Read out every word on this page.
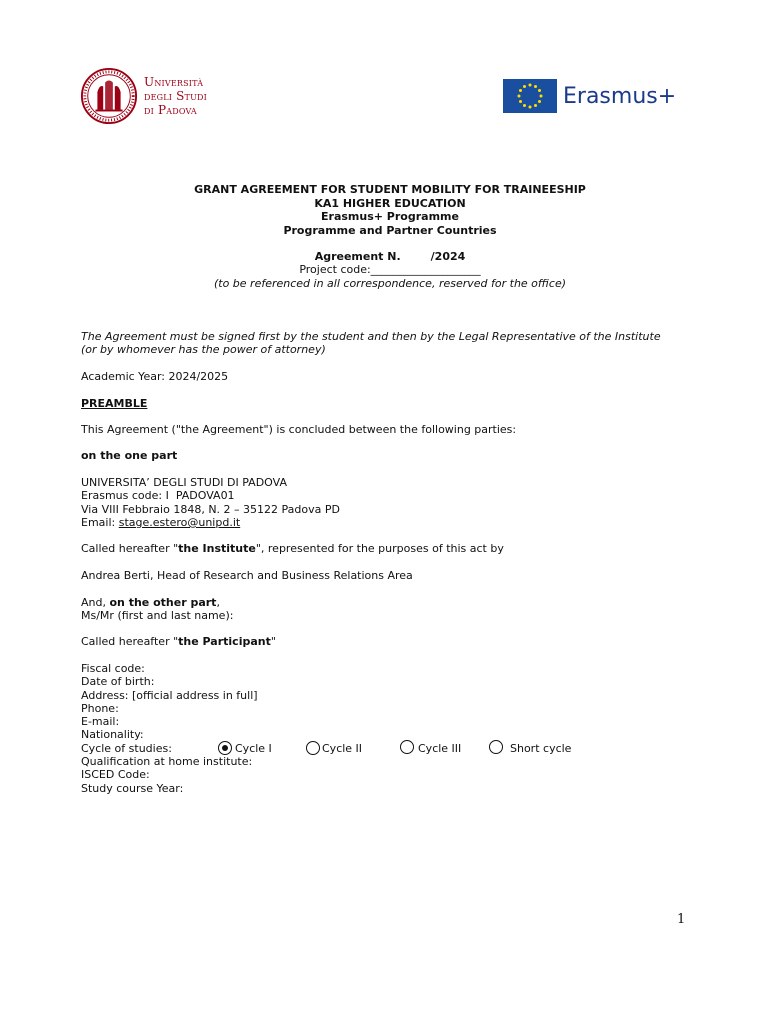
Università
degli Studi
di Padova
Erasmus+
GRANT AGREEMENT FOR STUDENT MOBILITY FOR TRAINEESHIP
KA1 HIGHER EDUCATION
Erasmus+ Programme
Programme and Partner Countries
Agreement N.	/2024
Project code:____________________
(to be referenced in all correspondence, reserved for the office)
The Agreement must be signed first by the student and then by the Legal Representative of the Institute
(or by whomever has the power of attorney)
Academic Year: 2024/2025
PREAMBLE
This Agreement ("the Agreement") is concluded between the following parties:
on the one part
UNIVERSITA’ DEGLI STUDI DI PADOVA
Erasmus code: I  PADOVA01
Via VIII Febbraio 1848, N. 2 – 35122 Padova PD
Email: stage.estero@unipd.it
Called hereafter "the Institute", represented for the purposes of this act by
Andrea Berti, Head of Research and Business Relations Area
And, on the other part,
Ms/Mr (first and last name):
Called hereafter "the Participant"
Fiscal code:
Date of birth:
Address: [official address in full]
Phone:
E-mail:
Nationality:
Cycle of studies:	Cycle I	Cycle II	Cycle III	Short cycle
Qualification at home institute:
ISCED Code:
Study course Year:
1
